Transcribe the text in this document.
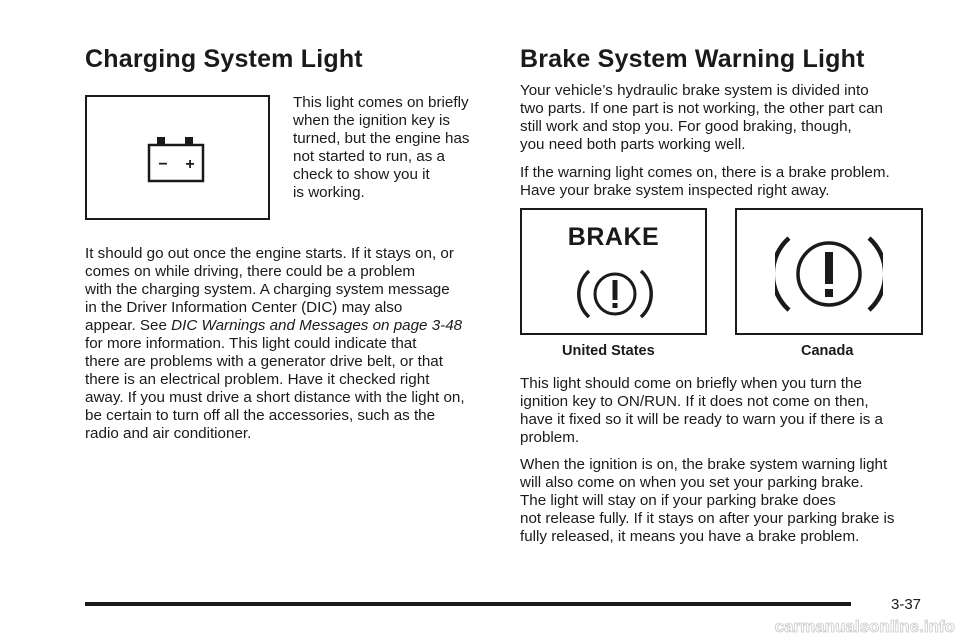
Charging System Light
− +

This light comes on briefly
when the ignition key is
turned, but the engine has
not started to run, as a
check to show you it
is working.

It should go out once the engine starts. If it stays on, or
comes on while driving, there could be a problem
with the charging system. A charging system message
in the Driver Information Center (DIC) may also
appear. See DIC Warnings and Messages on page 3-48
for more information. This light could indicate that
there are problems with a generator drive belt, or that
there is an electrical problem. Have it checked right
away. If you must drive a short distance with the light on,
be certain to turn off all the accessories, such as the
radio and air conditioner.

Brake System Warning Light

Your vehicle’s hydraulic brake system is divided into
two parts. If one part is not working, the other part can
still work and stop you. For good braking, though,
you need both parts working well.

If the warning light comes on, there is a brake problem.
Have your brake system inspected right away.

BRAKE
United States	Canada

This light should come on briefly when you turn the
ignition key to ON/RUN. If it does not come on then,
have it fixed so it will be ready to warn you if there is a
problem.

When the ignition is on, the brake system warning light
will also come on when you set your parking brake.
The light will stay on if your parking brake does
not release fully. If it stays on after your parking brake is
fully released, it means you have a brake problem.

3-37
carmanualsonline.info
